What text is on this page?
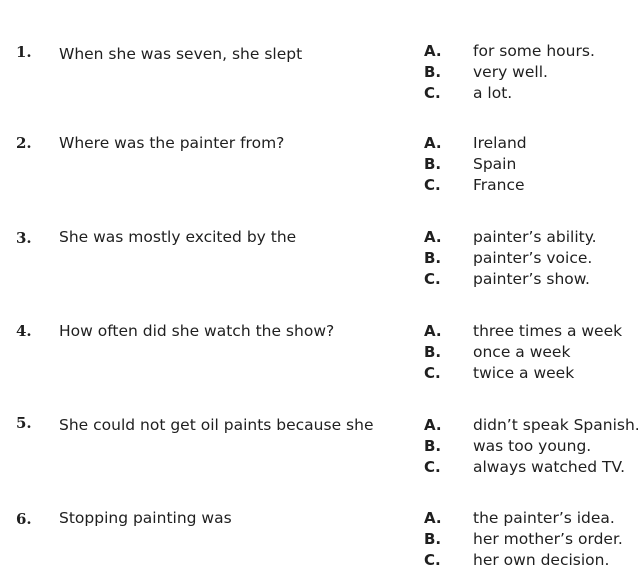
1. When she was seven, she slept	A. for some hours.

B. very well.

C. a lot.

2. Where was the painter from?	A. Ireland

B. Spain

C. France

3. She was mostly excited by the	A. painter’s ability.

B. painter’s voice.

C. painter’s show.

4. How often did she watch the show?	A. three times a week

B. once a week

C. twice a week

5. She could not get oil paints because she	A. didn’t speak Spanish.

B. was too young.

C. always watched TV.

6. Stopping painting was	A. the painter’s idea.

B. her mother’s order.

C. her own decision.
